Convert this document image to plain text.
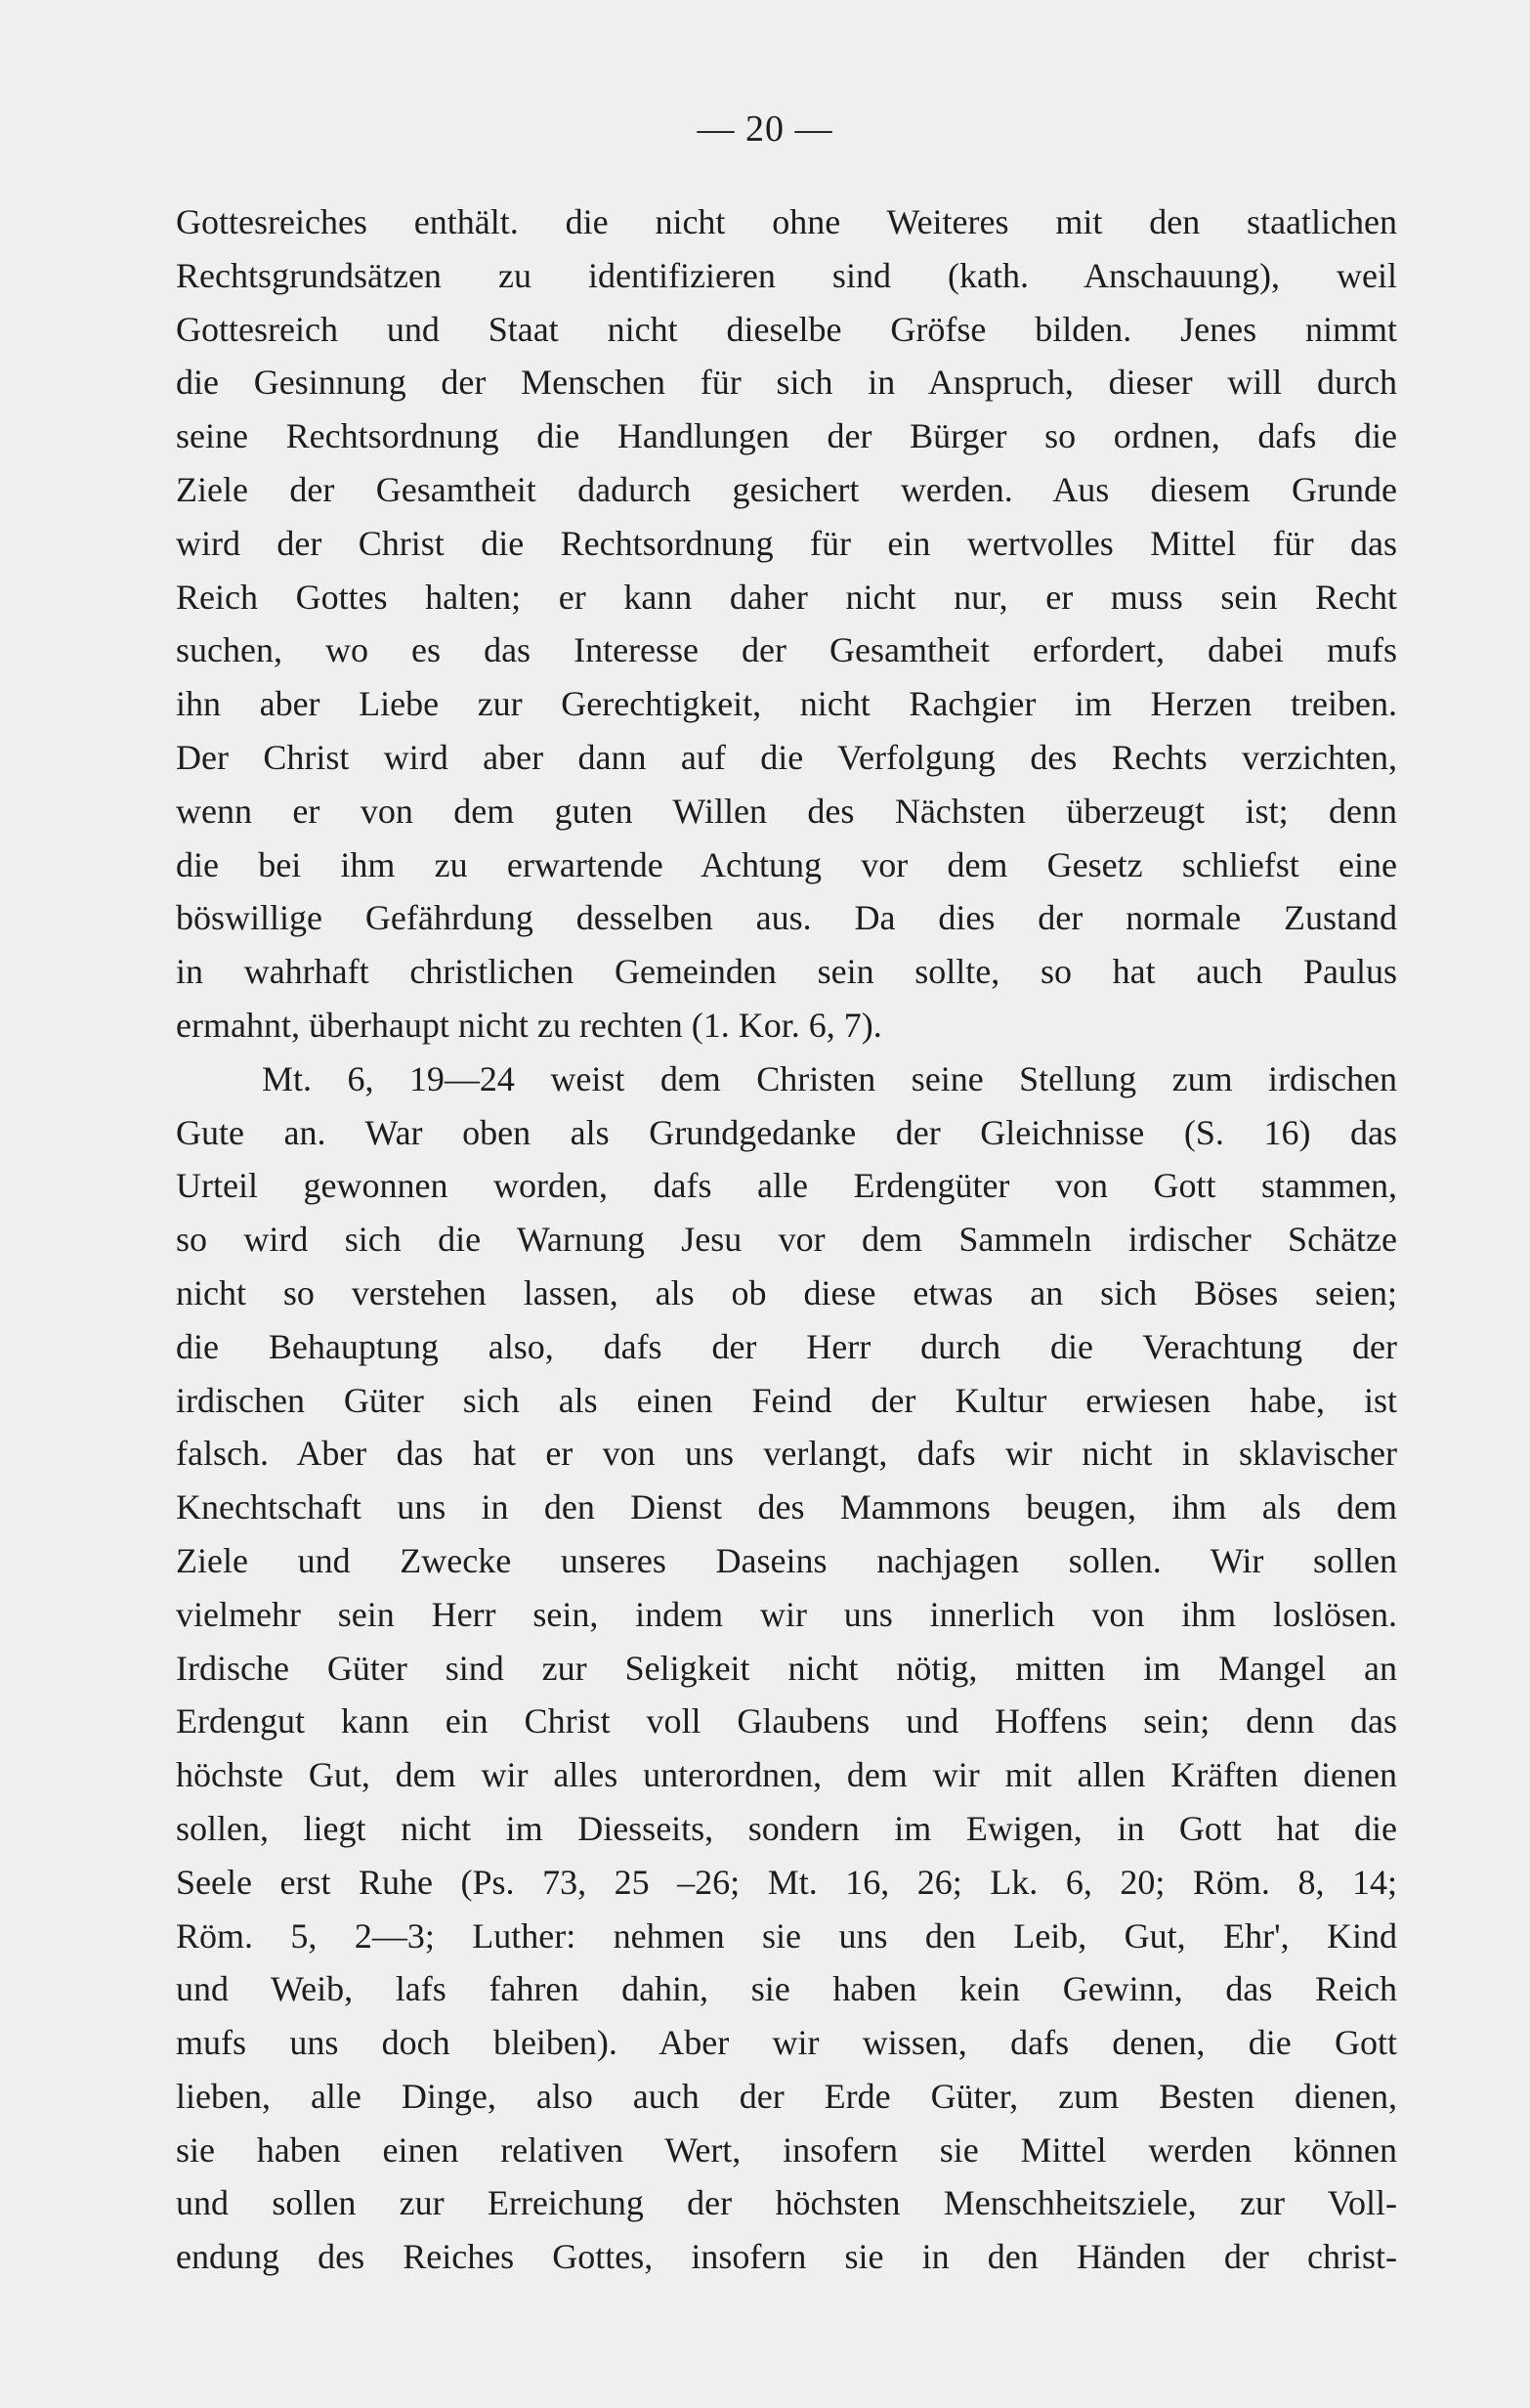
— 20 —
Gottesreiches enthält. die nicht ohne Weiteres mit den staatlichen
Rechtsgrundsätzen zu identifizieren sind (kath. Anschauung), weil
Gottesreich und Staat nicht dieselbe Gröfse bilden. Jenes nimmt
die Gesinnung der Menschen für sich in Anspruch, dieser will durch
seine Rechtsordnung die Handlungen der Bürger so ordnen, dafs die
Ziele der Gesamtheit dadurch gesichert werden. Aus diesem Grunde
wird der Christ die Rechtsordnung für ein wertvolles Mittel für das
Reich Gottes halten; er kann daher nicht nur, er muss sein Recht
suchen, wo es das Interesse der Gesamtheit erfordert, dabei mufs
ihn aber Liebe zur Gerechtigkeit, nicht Rachgier im Herzen treiben.
Der Christ wird aber dann auf die Verfolgung des Rechts verzichten,
wenn er von dem guten Willen des Nächsten überzeugt ist; denn
die bei ihm zu erwartende Achtung vor dem Gesetz schliefst eine
böswillige Gefährdung desselben aus. Da dies der normale Zustand
in wahrhaft christlichen Gemeinden sein sollte, so hat auch Paulus
ermahnt, überhaupt nicht zu rechten (1. Kor. 6, 7).
Mt. 6, 19—24 weist dem Christen seine Stellung zum irdischen
Gute an. War oben als Grundgedanke der Gleichnisse (S. 16) das
Urteil gewonnen worden, dafs alle Erdengüter von Gott stammen,
so wird sich die Warnung Jesu vor dem Sammeln irdischer Schätze
nicht so verstehen lassen, als ob diese etwas an sich Böses seien;
die Behauptung also, dafs der Herr durch die Verachtung der
irdischen Güter sich als einen Feind der Kultur erwiesen habe, ist
falsch. Aber das hat er von uns verlangt, dafs wir nicht in sklavischer
Knechtschaft uns in den Dienst des Mammons beugen, ihm als dem
Ziele und Zwecke unseres Daseins nachjagen sollen. Wir sollen
vielmehr sein Herr sein, indem wir uns innerlich von ihm loslösen.
Irdische Güter sind zur Seligkeit nicht nötig, mitten im Mangel an
Erdengut kann ein Christ voll Glaubens und Hoffens sein; denn das
höchste Gut, dem wir alles unterordnen, dem wir mit allen Kräften dienen
sollen, liegt nicht im Diesseits, sondern im Ewigen, in Gott hat die
Seele erst Ruhe (Ps. 73, 25 –26; Mt. 16, 26; Lk. 6, 20; Röm. 8, 14;
Röm. 5, 2—3; Luther: nehmen sie uns den Leib, Gut, Ehr', Kind
und Weib, lafs fahren dahin, sie haben kein Gewinn, das Reich
mufs uns doch bleiben). Aber wir wissen, dafs denen, die Gott
lieben, alle Dinge, also auch der Erde Güter, zum Besten dienen,
sie haben einen relativen Wert, insofern sie Mittel werden können
und sollen zur Erreichung der höchsten Menschheitsziele, zur Voll-
endung des Reiches Gottes, insofern sie in den Händen der christ-
